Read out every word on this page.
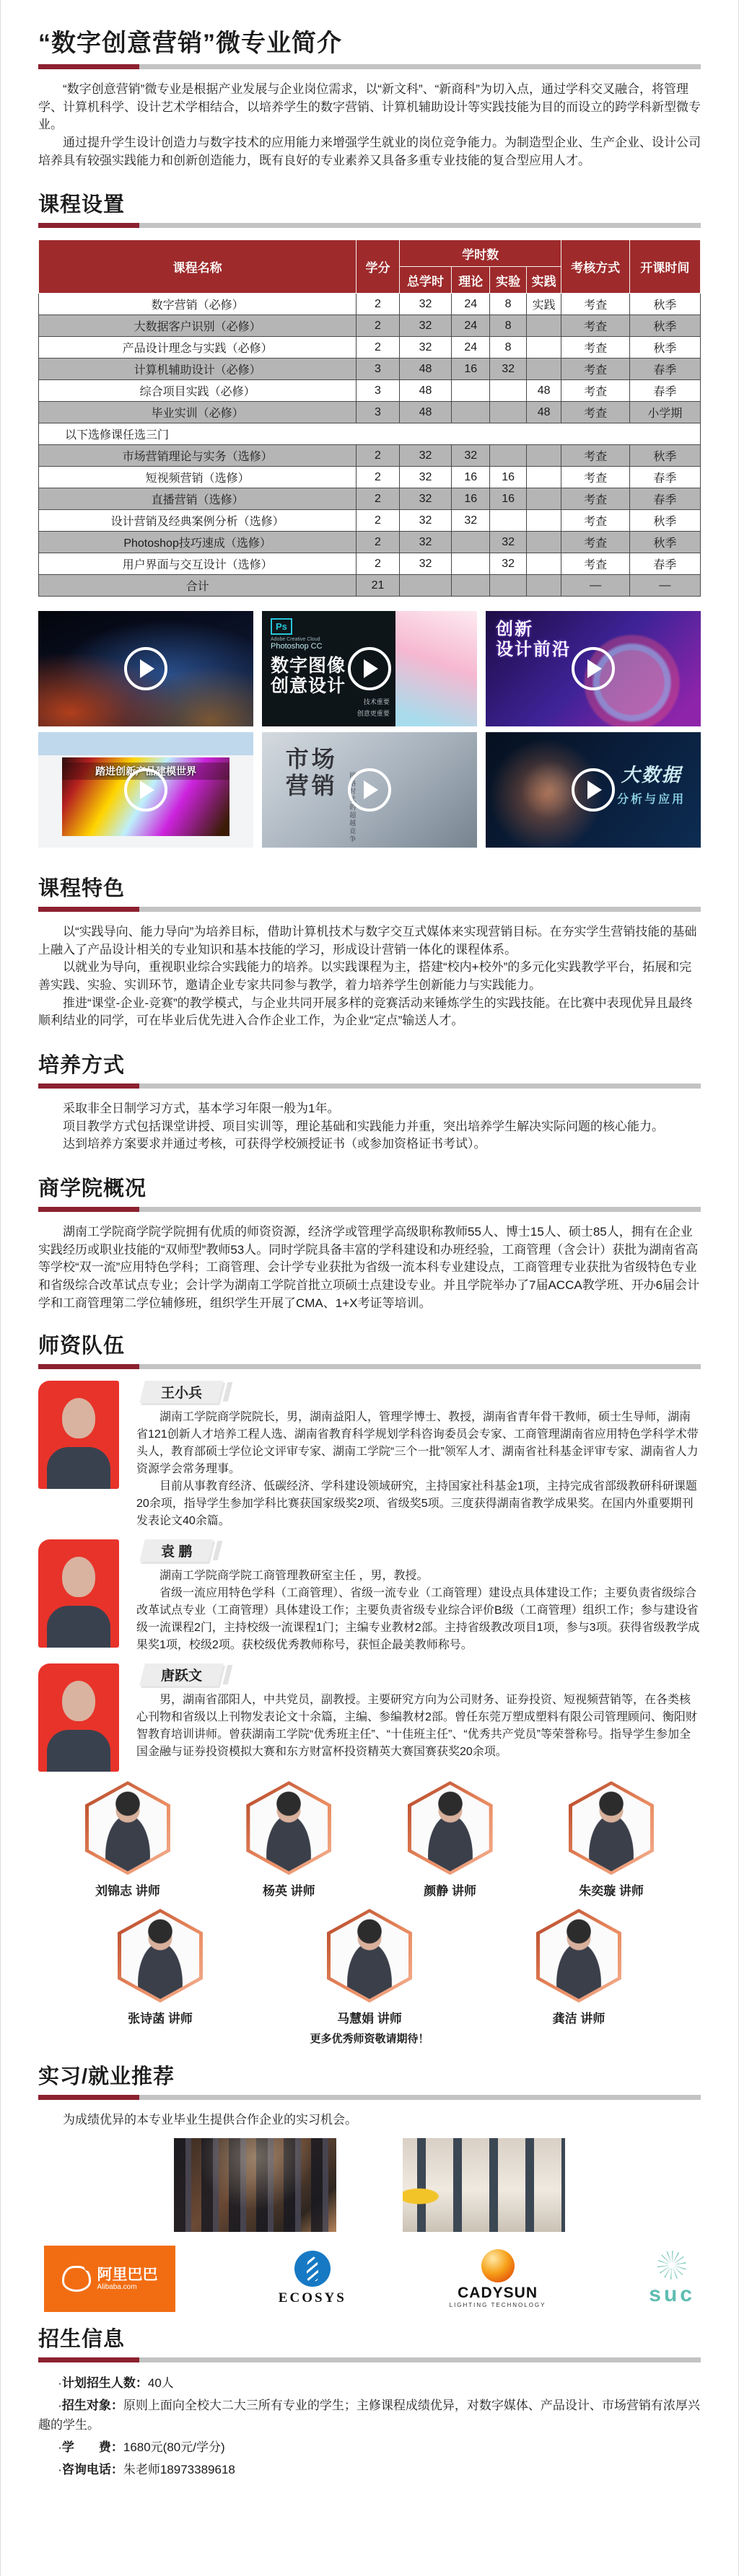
“数字创意营销”微专业简介

“数字创意营销”微专业是根据产业发展与企业岗位需求，以“新文科”、“新商科”为切入点，通过学科交叉融合，将管理学、计算机科学、设计艺术学相结合，以培养学生的数字营销、计算机辅助设计等实践技能为目的而设立的跨学科新型微专业。

通过提升学生设计创造力与数字技术的应用能力来增强学生就业的岗位竞争能力。为制造型企业、生产企业、设计公司培养具有较强实践能力和创新创造能力，既有良好的专业素养又具备多重专业技能的复合型应用人才。

课程设置
课程名称	学分	学时数				考核方式	开课时间
		总学时	理论	实验	实践		
数字营销（必修）	2	32	24	8	实践	考查	秋季
大数据客户识别（必修）	2	32	24	8		考查	秋季
产品设计理念与实践（必修）	2	32	24	8		考查	秋季
计算机辅助设计（必修）	3	48	16	32		考查	春季
综合项目实践（必修）	3	48			48	考查	春季
毕业实训（必修）	3	48			48	考查	小学期
以下选修课任选三门							
市场营销理论与实务（选修）	2	32	32			考查	秋季
短视频营销（选修）	2	32	16	16		考查	春季
直播营销（选修）	2	32	16	16		考查	春季
设计营销及经典案例分析（选修）	2	32	32			考查	秋季
Photoshop技巧速成（选修）	2	32		32		考查	秋季
用户界面与交互设计（选修）	2	32		32		考查	春季
合计	21					—	—
Ps
Adobe Creative Cloud
Photoshop CC
数字图像
创意设计
技术重要
创意更重要
创新
设计前沿
踏进创新产品建模世界	市场
营销 网络时代的超越竞争	大数据
分析与应用
课程特色

以“实践导向、能力导向”为培养目标，借助计算机技术与数字交互式媒体来实现营销目标。在夯实学生营销技能的基础上融入了产品设计相关的专业知识和基本技能的学习，形成设计营销一体化的课程体系。

以就业为导向，重视职业综合实践能力的培养。以实践课程为主，搭建“校内+校外”的多元化实践教学平台，拓展和完善实践、实验、实训环节，邀请企业专家共同参与教学，着力培养学生创新能力与实践能力。

推进“课堂-企业-竞赛”的教学模式，与企业共同开展多样的竞赛活动来锤炼学生的实践技能。在比赛中表现优异且最终顺利结业的同学，可在毕业后优先进入合作企业工作，为企业“定点”输送人才。

培养方式

采取非全日制学习方式，基本学习年限一般为1年。

项目教学方式包括课堂讲授、项目实训等，理论基础和实践能力并重，突出培养学生解决实际问题的核心能力。

达到培养方案要求并通过考核，可获得学校颁授证书（或参加资格证书考试）。

商学院概况

湖南工学院商学院学院拥有优质的师资资源，经济学或管理学高级职称教师55人、博士15人、硕士85人，拥有在企业实践经历或职业技能的“双师型”教师53人。同时学院具备丰富的学科建设和办班经验，工商管理（含会计）获批为湖南省高等学校“双一流”应用特色学科；工商管理、会计学专业获批为省级一流本科专业建设点，工商管理专业获批为省级特色专业和省级综合改革试点专业；会计学为湖南工学院首批立项硕士点建设专业。并且学院举办了7届ACCA教学班、开办6届会计学和工商管理第二学位辅修班，组织学生开展了CMA、1+X考证等培训。

师资队伍
王小兵

湖南工学院商学院院长，男，湖南益阳人，管理学博士、教授，湖南省青年骨干教师，硕士生导师，湖南省121创新人才培养工程人选、湖南省教育科学规划学科咨询委员会专家、工商管理湖南省应用特色学科学术带头人，教育部硕士学位论文评审专家、湖南工学院“三个一批”领军人才、湖南省社科基金评审专家、湖南省人力资源学会常务理事。

目前从事教育经济、低碳经济、学科建设领域研究，主持国家社科基金1项，主持完成省部级教研科研课题20余项，指导学生参加学科比赛获国家级奖2项、省级奖5项。三度获得湖南省教学成果奖。在国内外重要期刊发表论文40余篇。

袁 鹏

湖南工学院商学院工商管理教研室主任 ，男，教授。

省级一流应用特色学科（工商管理）、省级一流专业（工商管理）建设点具体建设工作；主要负责省级综合改革试点专业（工商管理）具体建设工作；主要负责省级专业综合评价B级（工商管理）组织工作；参与建设省级一流课程2门，主持校级一流课程1门；主编专业教材2部。主持省级教改项目1项，参与3项。获得省级教学成果奖1项，校级2项。获校级优秀教师称号，获恒企最美教师称号。

唐跃文

男，湖南省邵阳人，中共党员，副教授。主要研究方向为公司财务、证券投资、短视频营销等，在各类核心刊物和省级以上刊物发表论文十余篇，主编、参编教材2部。曾任东莞万塑成塑料有限公司管理顾问、衡阳财智教育培训讲师。曾获湖南工学院“优秀班主任”、“十佳班主任”、“优秀共产党员”等荣誉称号。指导学生参加全国金融与证券投资模拟大赛和东方财富杯投资精英大赛国赛获奖20余项。

刘锦志 讲师	杨英 讲师	颜静 讲师	朱奕璇 讲师
张诗菡 讲师	马慧娟 讲师	龚洁 讲师

更多优秀师资敬请期待！

实习/就业推荐

为成绩优异的本专业毕业生提供合作企业的实习机会。

阿里巴巴
Alibaba.com
ECOSYS	CADYSUN
LIGHTING TECHNOLOGY	suc
招生信息

·计划招生人数：40人

·招生对象：原则上面向全校大二大三所有专业的学生；主修课程成绩优异，对数字媒体、产品设计、市场营销有浓厚兴趣的学生。

·学　　费：1680元(80元/学分)

·咨询电话：朱老师18973389618
